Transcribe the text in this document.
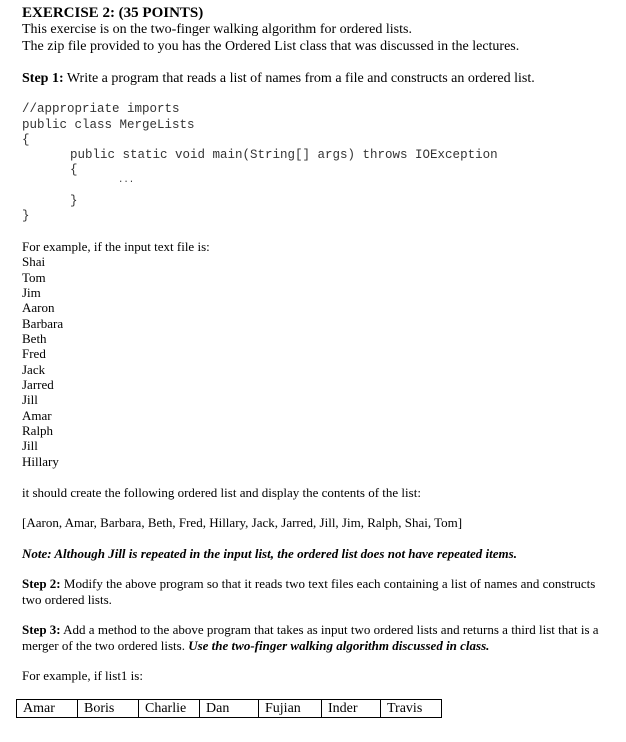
EXERCISE 2: (35 POINTS)
This exercise is on the two-finger walking algorithm for ordered lists.
The zip file provided to you has the Ordered List class that was discussed in the lectures.
Step 1: Write a program that reads a list of names from a file and constructs an ordered list.
//appropriate imports
public class MergeLists
{
public static void main(String[] args) throws IOException
{
...
}
}
For example, if the input text file is:
Shai
Tom
Jim
Aaron
Barbara
Beth
Fred
Jack
Jarred
Jill
Amar
Ralph
Jill
Hillary
it should create the following ordered list and display the contents of the list:
[Aaron, Amar, Barbara, Beth, Fred, Hillary, Jack, Jarred, Jill, Jim, Ralph, Shai, Tom]
Note: Although Jill is repeated in the input list, the ordered list does not have repeated items.
Step 2: Modify the above program so that it reads two text files each containing a list of names and constructs
two ordered lists.
Step 3: Add a method to the above program that takes as input two ordered lists and returns a third list that is a
merger of the two ordered lists. Use the two-finger walking algorithm discussed in class.
For example, if list1 is:
Amar	Boris	Charlie	Dan	Fujian	Inder	Travis
